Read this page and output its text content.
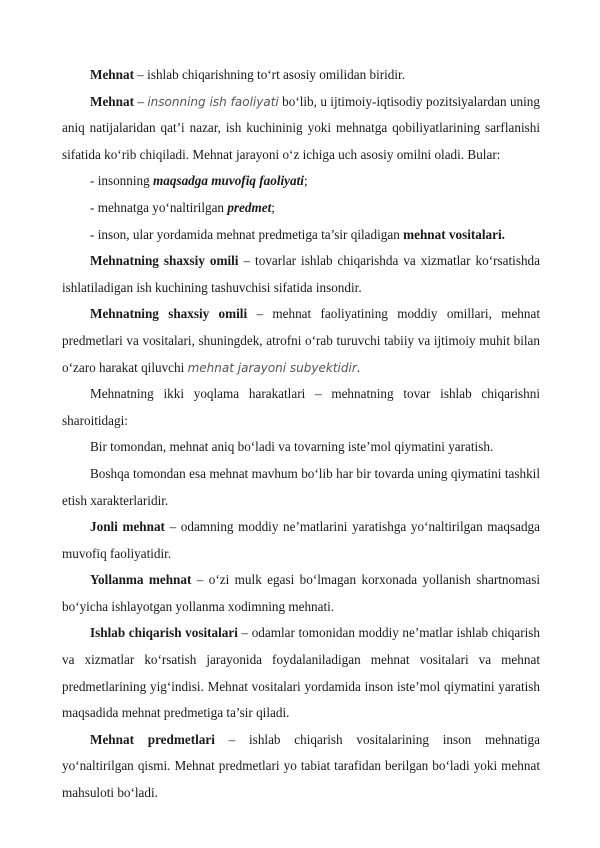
Mehnat – ishlab chiqarishning to‘rt asosiy omilidan biridir.

Mehnat – insonning ish faoliyati bo‘lib, u ijtimoiy-iqtisodiy pozitsiyalardan uning aniq natijalaridan qat’i nazar, ish kuchininig yoki mehnatga qobiliyatlarining sarflanishi sifatida ko‘rib chiqiladi. Mehnat jarayoni o‘z ichiga uch asosiy omilni oladi. Bular:

- insonning maqsadga muvofiq faoliyati;

- mehnatga yo‘naltirilgan predmet;

- inson, ular yordamida mehnat predmetiga ta’sir qiladigan mehnat vositalari.

Mehnatning shaxsiy omili – tovarlar ishlab chiqarishda va xizmatlar ko‘rsatishda ishlatiladigan ish kuchining tashuvchisi sifatida insondir.

Mehnatning shaxsiy omili – mehnat faoliyatining moddiy omillari, mehnat predmetlari va vositalari, shuningdek, atrofni o‘rab turuvchi tabiiy va ijtimoiy muhit bilan o‘zaro harakat qiluvchi mehnat jarayoni subyektidir.

Mehnatning ikki yoqlama harakatlari – mehnatning tovar ishlab chiqarishni sharoitidagi:

Bir tomondan, mehnat aniq bo‘ladi va tovarning iste’mol qiymatini yaratish.

Boshqa tomondan esa mehnat mavhum bo‘lib har bir tovarda uning qiymatini tashkil etish xarakterlaridir.

Jonli mehnat – odamning moddiy ne’matlarini yaratishga yo‘naltirilgan maqsadga muvofiq faoliyatidir.

Yollanma mehnat – o‘zi mulk egasi bo‘lmagan korxonada yollanish shartnomasi bo‘yicha ishlayotgan yollanma xodimning mehnati.

Ishlab chiqarish vositalari – odamlar tomonidan moddiy ne’matlar ishlab chiqarish va xizmatlar ko‘rsatish jarayonida foydalaniladigan mehnat vositalari va mehnat predmetlarining yig‘indisi. Mehnat vositalari yordamida inson iste’mol qiymatini yaratish maqsadida mehnat predmetiga ta’sir qiladi.

Mehnat predmetlari – ishlab chiqarish vositalarining inson mehnatiga yo‘naltirilgan qismi. Mehnat predmetlari yo tabiat tarafidan berilgan bo‘ladi yoki mehnat mahsuloti bo‘ladi.
